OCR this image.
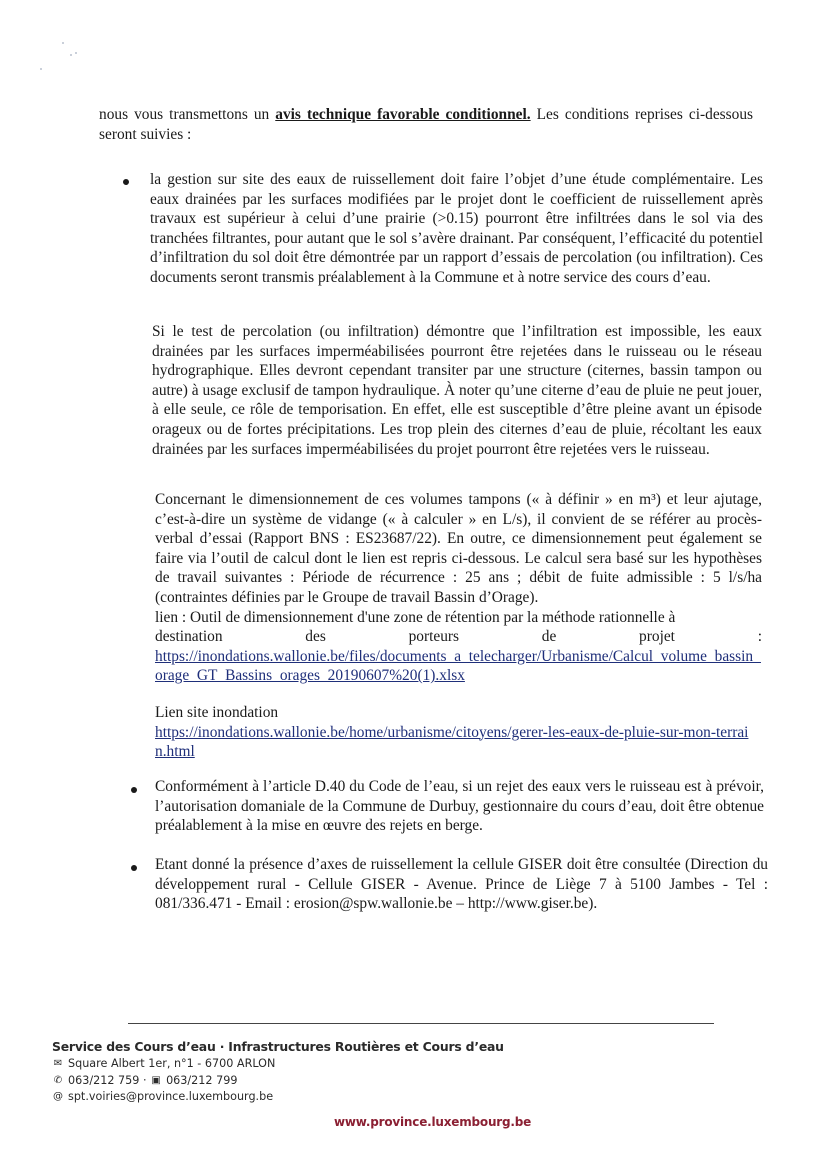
nous vous transmettons un avis technique favorable conditionnel. Les conditions reprises ci-dessous seront suivies :

la gestion sur site des eaux de ruissellement doit faire l’objet d’une étude complémentaire. Les eaux drainées par les surfaces modifiées par le projet dont le coefficient de ruissellement après travaux est supérieur à celui d’une prairie (>0.15) pourront être infiltrées dans le sol via des tranchées filtrantes, pour autant que le sol s’avère drainant. Par conséquent, l’efficacité du potentiel d’infiltration du sol doit être démontrée par un rapport d’essais de percolation (ou infiltration). Ces documents seront transmis préalablement à la Commune et à notre service des cours d’eau.

Si le test de percolation (ou infiltration) démontre que l’infiltration est impossible, les eaux drainées par les surfaces imperméabilisées pourront être rejetées dans le ruisseau ou le réseau hydrographique. Elles devront cependant transiter par une structure (citernes, bassin tampon ou autre) à usage exclusif de tampon hydraulique. À noter qu’une citerne d’eau de pluie ne peut jouer, à elle seule, ce rôle de temporisation. En effet, elle est susceptible d’être pleine avant un épisode orageux ou de fortes précipitations. Les trop plein des citernes d’eau de pluie, récoltant les eaux drainées par les surfaces imperméabilisées du projet pourront être rejetées vers le ruisseau.

Concernant le dimensionnement de ces volumes tampons (« à définir » en m³) et leur ajutage, c’est-à-dire un système de vidange (« à calculer » en L/s), il convient de se référer au procès-verbal d’essai (Rapport BNS : ES23687/22). En outre, ce dimensionnement peut également se faire via l’outil de calcul dont le lien est repris ci-dessous. Le calcul sera basé sur les hypothèses de travail suivantes : Période de récurrence : 25 ans ; débit de fuite admissible : 5 l/s/ha (contraintes définies par le Groupe de travail Bassin d’Orage).

lien : Outil de dimensionnement d'une zone de rétention par la méthode rationnelle à
destination	des	porteurs	de	projet	:
https://inondations.wallonie.be/files/documents_a_telecharger/Urbanisme/Calcul_volume_bassin_orage_GT_Bassins_orages_20190607%20(1).xlsx
Lien site inondation
https://inondations.wallonie.be/home/urbanisme/citoyens/gerer-les-eaux-de-pluie-sur-mon-terrain.html

Conformément à l’article D.40 du Code de l’eau, si un rejet des eaux vers le ruisseau est à prévoir, l’autorisation domaniale de la Commune de Durbuy, gestionnaire du cours d’eau, doit être obtenue préalablement à la mise en œuvre des rejets en berge.

Etant donné la présence d’axes de ruissellement la cellule GISER doit être consultée (Direction du développement rural - Cellule GISER - Avenue. Prince de Liège 7 à 5100 Jambes - Tel : 081/336.471 - Email : erosion@spw.wallonie.be – http://www.giser.be).

Service des Cours d’eau · Infrastructures Routières et Cours d’eau
✉ Square Albert 1er, n°1 - 6700 ARLON
✆ 063/212 759 · ▣ 063/212 799
@ spt.voiries@province.luxembourg.be
www.province.luxembourg.be
